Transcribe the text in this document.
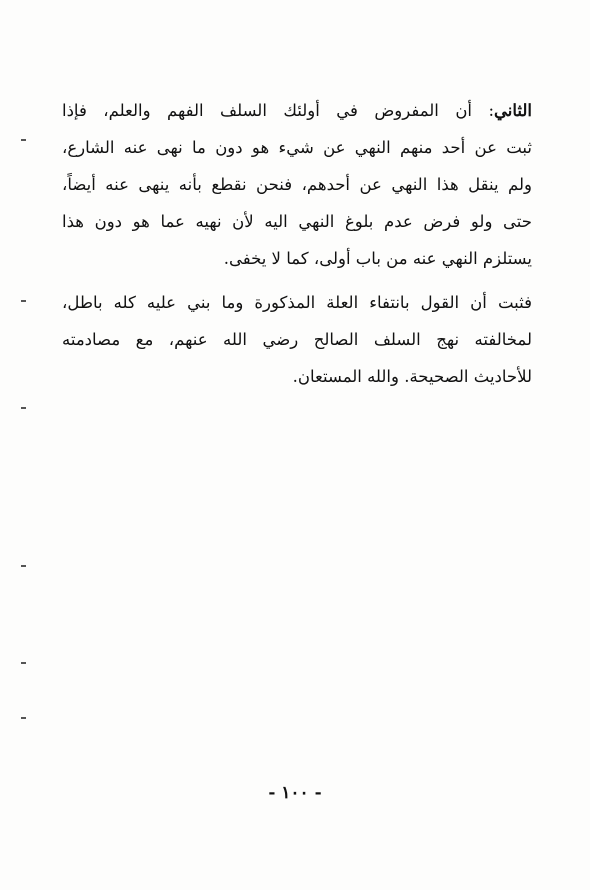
الثاني: أن المفروض في أولئك السلف الفهم والعلم، فإذا
ثبت عن أحد منهم النهي عن شيء هو دون ما نهى عنه الشارع،
ولم ينقل هذا النهي عن أحدهم، فنحن نقطع بأنه ينهى عنه أيضاً،
حتى ولو فرض عدم بلوغ النهي اليه لأن نهيه عما هو دون هذا
يستلزم النهي عنه من باب أولى، كما لا يخفى.
فثبت أن القول بانتفاء العلة المذكورة وما بني عليه كله باطل،
لمخالفته نهج السلف الصالح رضي الله عنهم، مع مصادمته
للأحاديث الصحيحة. والله المستعان.
- ١٠٠ -
